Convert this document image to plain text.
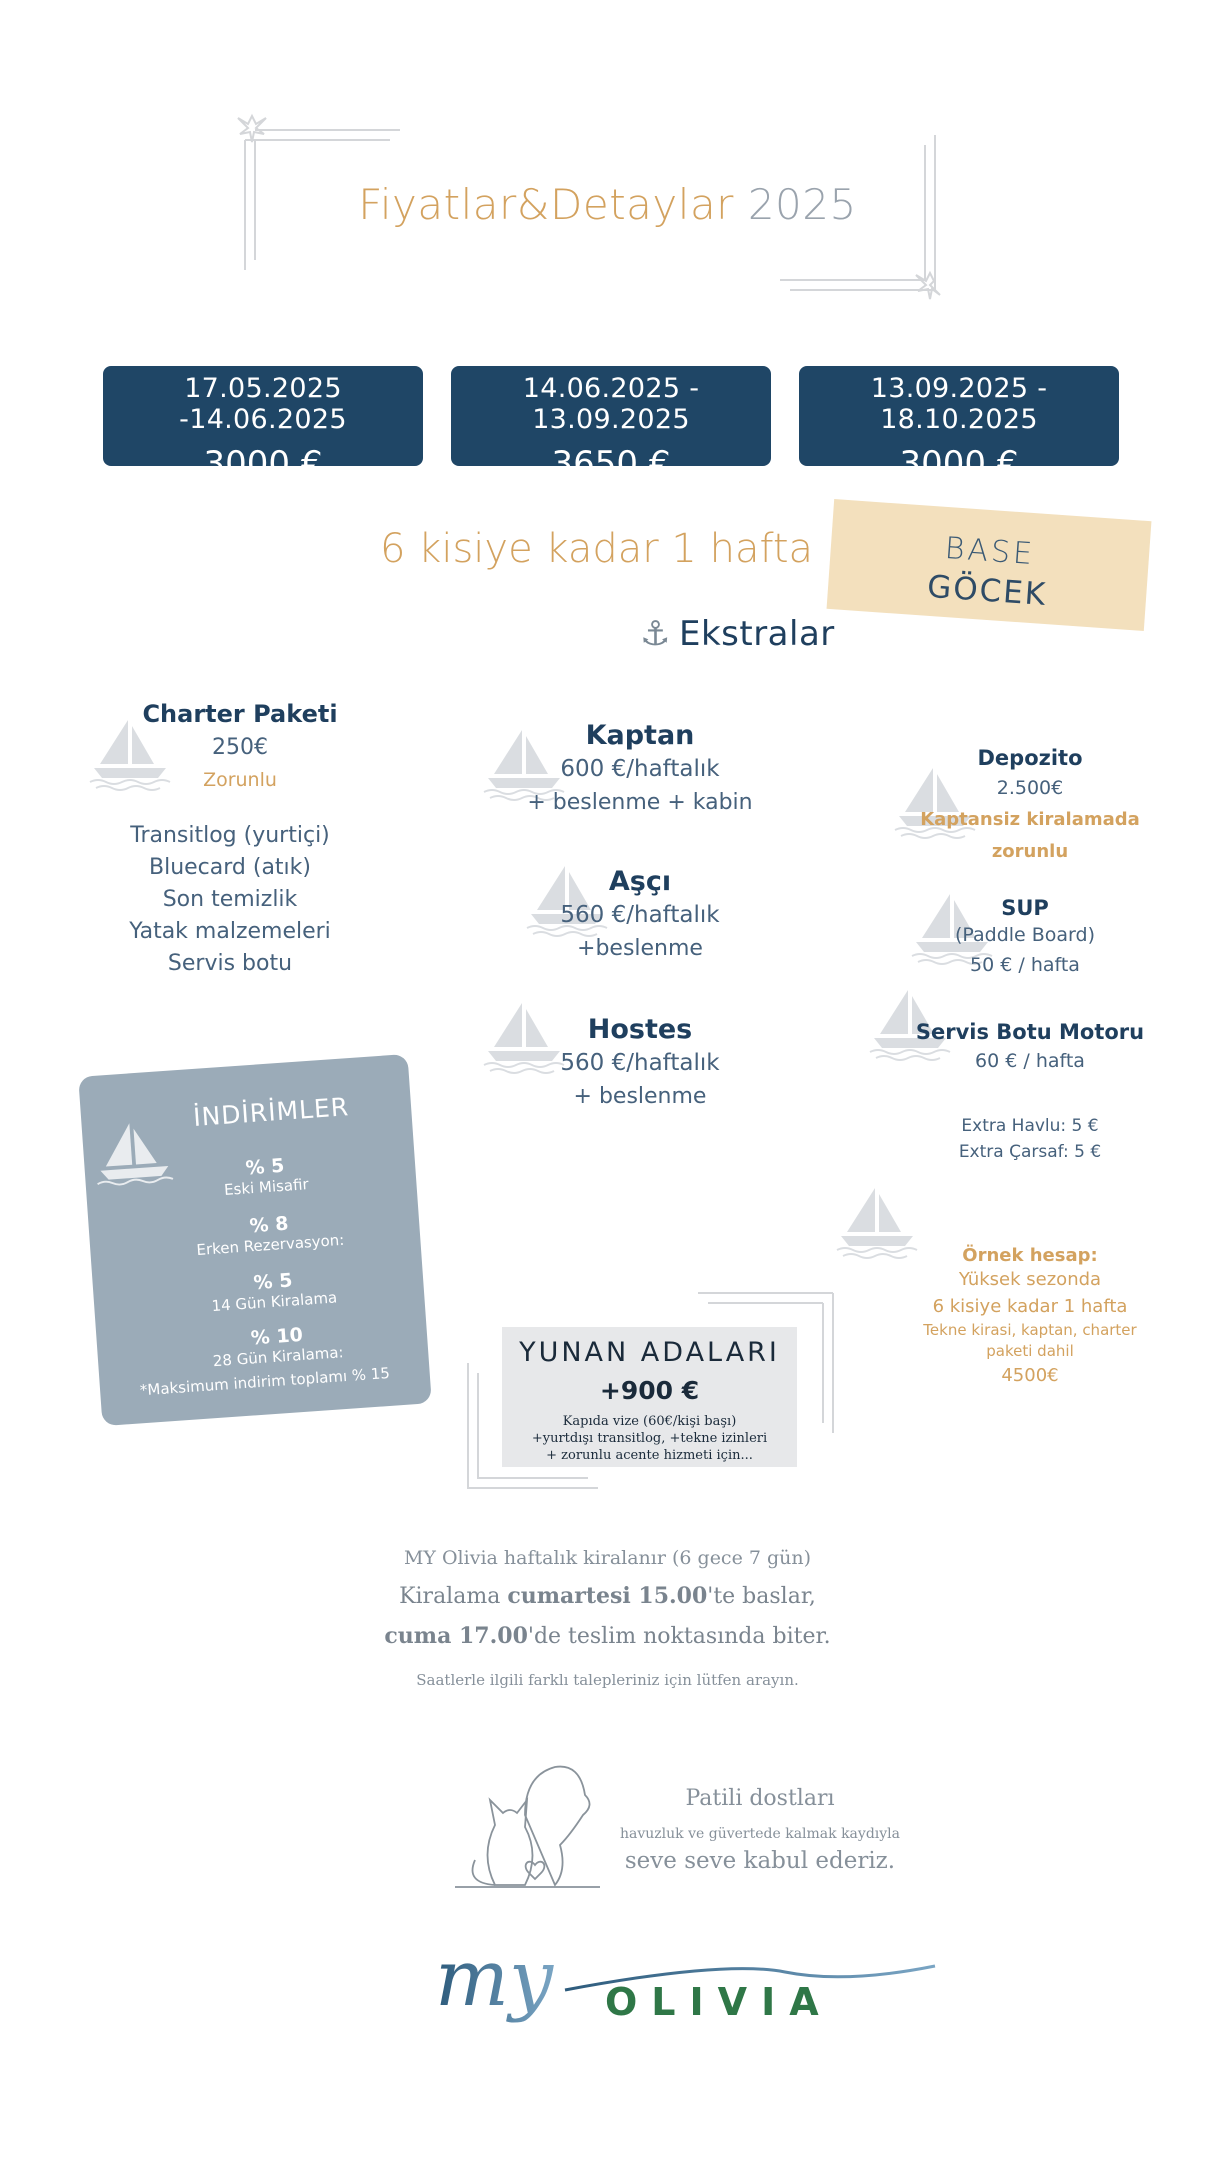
Fiyatlar&Detaylar 2025
17.05.2025 -14.06.2025
3000 €
14.06.2025 - 13.09.2025
3650 €
13.09.2025 - 18.10.2025
3000 €
6 kisiye kadar 1 hafta	BASE
GÖCEK
⚓ Ekstralar
Charter Paketi
250€
Zorunlu
Transitlog (yurtiçi)
Bluecard (atık)
Son temizlik
Yatak malzemeleri
Servis botu
Kaptan
600 €/haftalık
+ beslenme + kabin
Aşçı
560 €/haftalık
+beslenme
Hostes
560 €/haftalık
+ beslenme
Depozito
2.500€
Kaptansiz kiralamada zorunlu
SUP
(Paddle Board)
50 € / hafta
Servis Botu Motoru
60 € / hafta
Extra Havlu: 5 €
Extra Çarsaf: 5 €
İNDİRİMLER
% 5
Eski Misafir
% 8
Erken Rezervasyon:
% 5
14 Gün Kiralama
% 10
28 Gün Kiralama:
*Maksimum indirim toplamı % 15
YUNAN ADALARI
+900 €
Kapıda vize (60€/kişi başı)
+yurtdışı transitlog, +tekne izinleri
+ zorunlu acente hizmeti için...
Örnek hesap:
Yüksek sezonda
6 kisiye kadar 1 hafta
Tekne kirasi, kaptan, charter
paketi dahil
4500€
MY Olivia haftalık kiralanır (6 gece 7 gün)
Kiralama cumartesi 15.00'te baslar,
cuma 17.00'de teslim noktasında biter.
Saatlerle ilgili farklı talepleriniz için lütfen arayın.
Patili dostları
havuzluk ve güvertede kalmak kaydıyla
seve seve kabul ederiz.
my OLIVIA
